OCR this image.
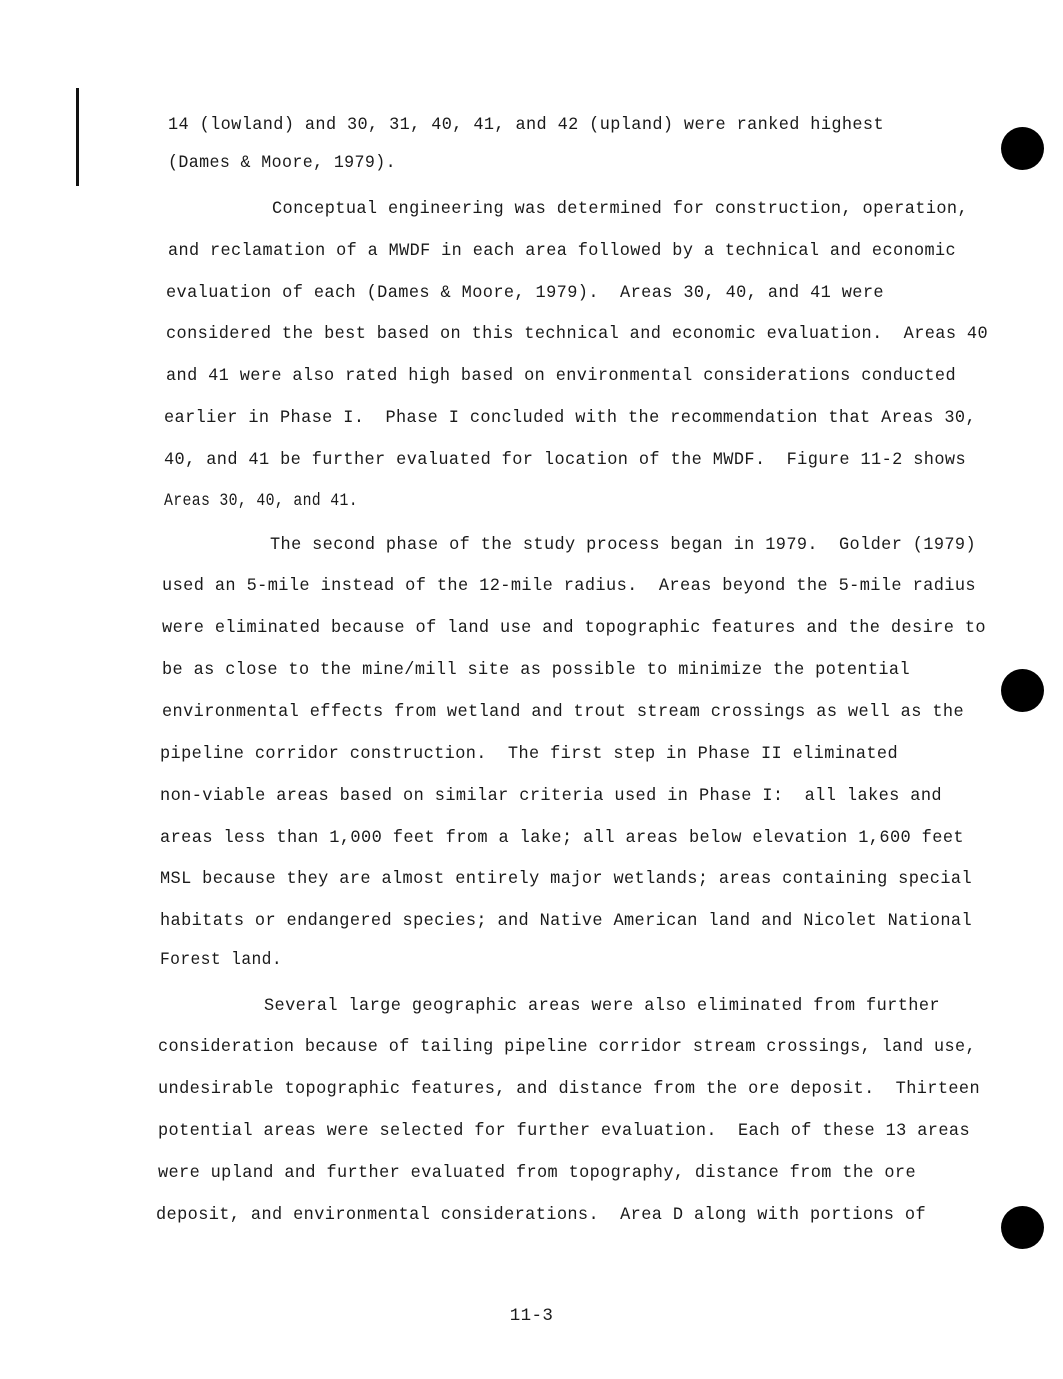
14 (lowland) and 30, 31, 40, 41, and 42 (upland) were ranked highest

(Dames & Moore, 1979).

Conceptual engineering was determined for construction, operation,

and reclamation of a MWDF in each area followed by a technical and economic

evaluation of each (Dames & Moore, 1979).  Areas 30, 40, and 41 were

considered the best based on this technical and economic evaluation.  Areas 40

and 41 were also rated high based on environmental considerations conducted

earlier in Phase I.  Phase I concluded with the recommendation that Areas 30,

40, and 41 be further evaluated for location of the MWDF.  Figure 11-2 shows

Areas 30, 40, and 41.

The second phase of the study process began in 1979.  Golder (1979)

used an 5-mile instead of the 12-mile radius.  Areas beyond the 5-mile radius

were eliminated because of land use and topographic features and the desire to

be as close to the mine/mill site as possible to minimize the potential

environmental effects from wetland and trout stream crossings as well as the

pipeline corridor construction.  The first step in Phase II eliminated

non-viable areas based on similar criteria used in Phase I:  all lakes and

areas less than 1,000 feet from a lake; all areas below elevation 1,600 feet

MSL because they are almost entirely major wetlands; areas containing special

habitats or endangered species; and Native American land and Nicolet National

Forest land.

Several large geographic areas were also eliminated from further

consideration because of tailing pipeline corridor stream crossings, land use,

undesirable topographic features, and distance from the ore deposit.  Thirteen

potential areas were selected for further evaluation.  Each of these 13 areas

were upland and further evaluated from topography, distance from the ore

deposit, and environmental considerations.  Area D along with portions of

11-3
